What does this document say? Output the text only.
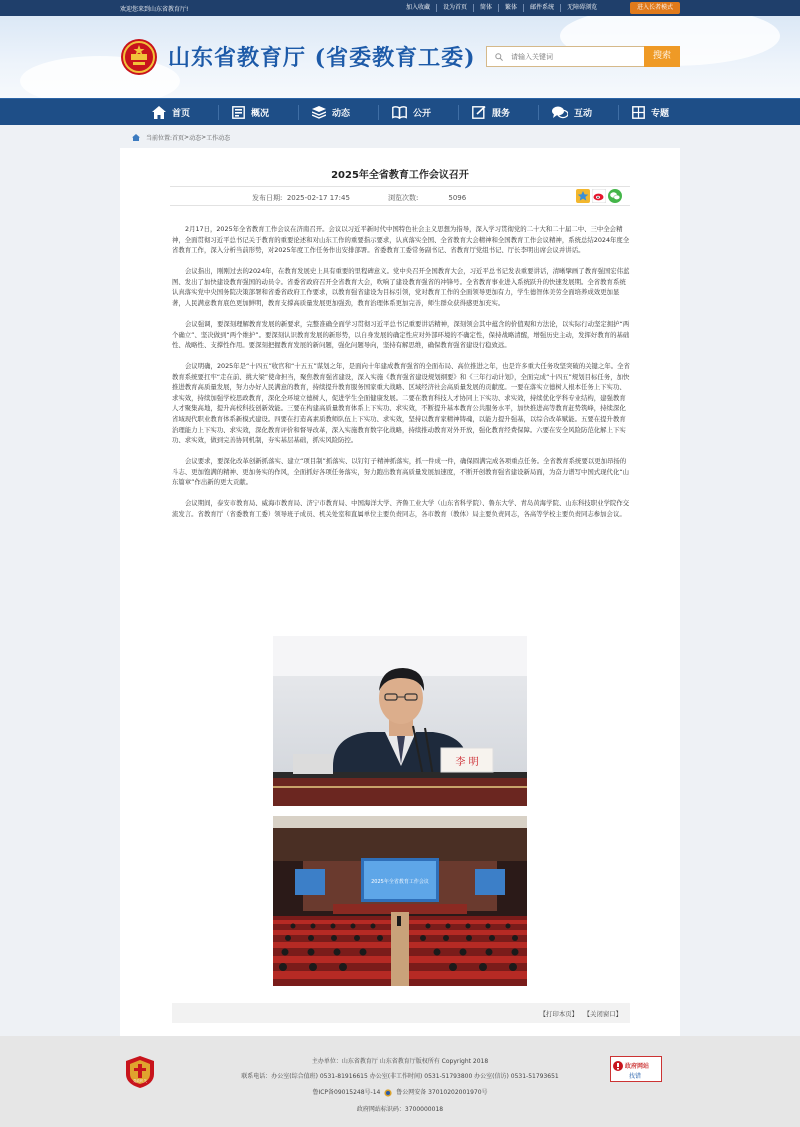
欢迎您来到山东省教育厅!	加入收藏	设为首页	简体	繁体	邮件系统	无障碍浏览	进入长者模式
山东省教育厅 (省委教育工委)
请输入关键词	搜索
首页	概况	动态	公开	服务	互动	专题
当前位置: 首页 > 动态 > 工作动态
2025年全省教育工作会议召开
发布日期: 2025-02-17 17:45	浏览次数:	5096

2月17日，2025年全省教育工作会议在济南召开。会议以习近平新时代中国特色社会主义思想为指导，深入学习贯彻党的二十大和二十届二中、三中全会精神，全面贯彻习近平总书记关于教育的重要论述和对山东工作的重要指示要求，认真落实全国、全省教育大会精神和全国教育工作会议精神，系统总结2024年度全省教育工作，深入分析当前形势，对2025年度工作任务作出安排部署。省委教育工委常务副书记、省教育厅党组书记、厅长李明出席会议并讲话。

会议指出，刚刚过去的2024年，在教育发展史上具有重要的里程碑意义。党中央召开全国教育大会，习近平总书记发表重要讲话，清晰擘画了教育强国宏伟蓝图、发出了加快建设教育强国的动员令。省委省政府召开全省教育大会，吹响了建设教育强省的冲锋号。全省教育事业进入系统跃升的快速发展期。全省教育系统认真落实党中央国务院决策部署和省委省政府工作要求，以教育强省建设为目标引领，党对教育工作的全面领导更加有力，学生德智体美劳全面培养成效更加显著，人民满意教育底色更加鲜明，教育支撑高质量发展更加强劲，教育治理体系更加完善，师生群众获得感更加充实。

会议强调，要深刻理解教育发展的新要求，完整准确全面学习贯彻习近平总书记重要讲话精神，深刻领会其中蕴含的价值观和方法论，以实际行动坚定拥护“两个确立”、坚决做到“两个维护”。要深刻认识教育发展的新形势，以自身发展的确定性应对外部环境的不确定性，保持战略清醒，增强历史主动，发挥好教育的基础性、战略性、支撑性作用。要深刻把握教育发展的新问题，强化问题导向，坚持有解思维，确保教育强省建设行稳致远。

会议明确，2025年是“十四五”收官和“十五五”谋划之年，是面向十年建成教育强省的全面布局、高位推进之年，也是许多重大任务攻坚突破的关键之年。全省教育系统要扛牢“走在前、挑大梁”使命担当，聚焦教育强省建设，深入实施《教育强省建设规划纲要》和《三年行动计划》，全面完成“十四五”规划目标任务，加快推进教育高质量发展，努力办好人民满意的教育，持续提升教育服务国家重大战略、区域经济社会高质量发展的贡献度。一要在落实立德树人根本任务上下实功、求实效，持续加强学校思政教育，深化全环境立德树人，促进学生全面健康发展。二要在教育科技人才协同上下实功、求实效，持续优化学科专业结构，建强教育人才聚集高地，提升高校科技创新效能。三要在构建高质量教育体系上下实功、求实效，不断提升基本教育公共服务水平，加快推进高等教育赶势筑峰，持续深化省域现代职业教育体系新模式建设。四要在打造高素质教师队伍上下实功、求实效，坚持以教育家精神铸魂，以能力提升强基，以综合改革赋能。五要在提升教育治理能力上下实功、求实效，深化教育评价和督导改革，深入实施教育数字化战略，持续推动教育对外开放，强化教育经费保障。六要在安全风险防范化解上下实功、求实效，做到完善协同机制，夯实基层基础，抓实风险防控。

会议要求，要深化改革创新抓落实、建立“项目制”抓落实、以钉钉子精神抓落实，抓一件成一件，确保圆满完成各项重点任务。全省教育系统要以更加昂扬的斗志、更加饱满的精神、更加务实的作风，全面抓好各项任务落实，努力跑出教育高质量发展加速度，不断开创教育强省建设新局面，为奋力谱写中国式现代化“山东篇章”作出新的更大贡献。

会议期间，泰安市教育局、威海市教育局、济宁市教育局、中国海洋大学、齐鲁工业大学（山东省科学院）、鲁东大学、青岛黄海学院、山东科技职业学院作交流发言。省教育厅（省委教育工委）领导班子成员、机关处室和直属单位主要负责同志，各市教育（教体）局主要负责同志，各高等学校主要负责同志参加会议。

李 明
2025年全省教育工作会议
【打印本页】 【关闭窗口】
党政机关
主办单位：山东省教育厅 山东省教育厅版权所有 Copyright 2018
联系电话：办公室(综合值班) 0531-81916615 办公室(非工作时间) 0531-51793800 办公室(信访) 0531-51793651
鲁ICP备09015248号-14	鲁公网安备 37010202001970号
政府网站标识码：3700000018
政府网站
找错
